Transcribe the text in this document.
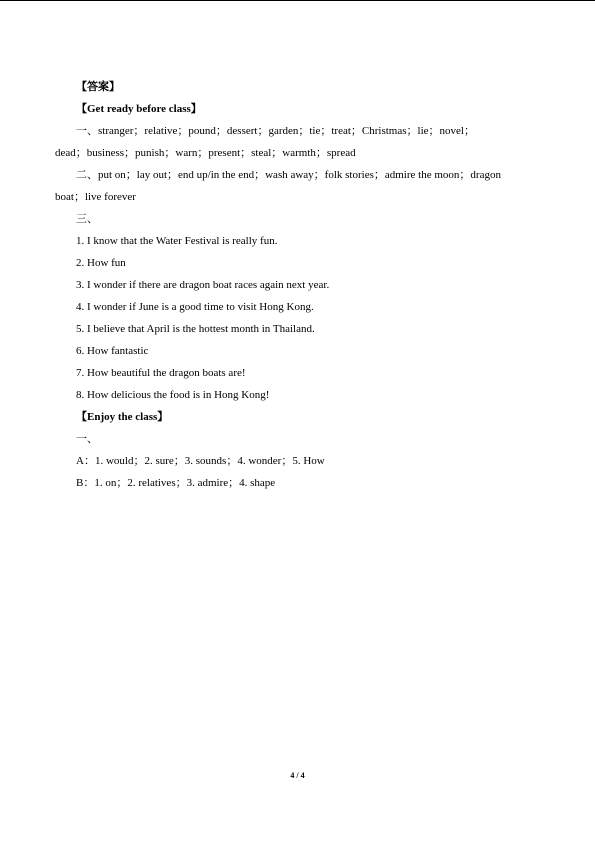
【答案】
【Get ready before class】
一、stranger；relative；pound；dessert；garden；tie；treat；Christmas；lie；novel；
dead；business；punish；warn；present；steal；warmth；spread
二、put on；lay out；end up/in the end；wash away；folk stories；admire the moon；dragon
boat；live forever
三、
1. I know that the Water Festival is really fun.
2. How fun
3. I wonder if there are dragon boat races again next year.
4. I wonder if June is a good time to visit Hong Kong.
5. I believe that April is the hottest month in Thailand.
6. How fantastic
7. How beautiful the dragon boats are!
8. How delicious the food is in Hong Kong!
【Enjoy the class】
一、
A：1. would；2. sure；3. sounds；4. wonder；5. How
B：1. on；2. relatives；3. admire；4. shape
4 / 4
